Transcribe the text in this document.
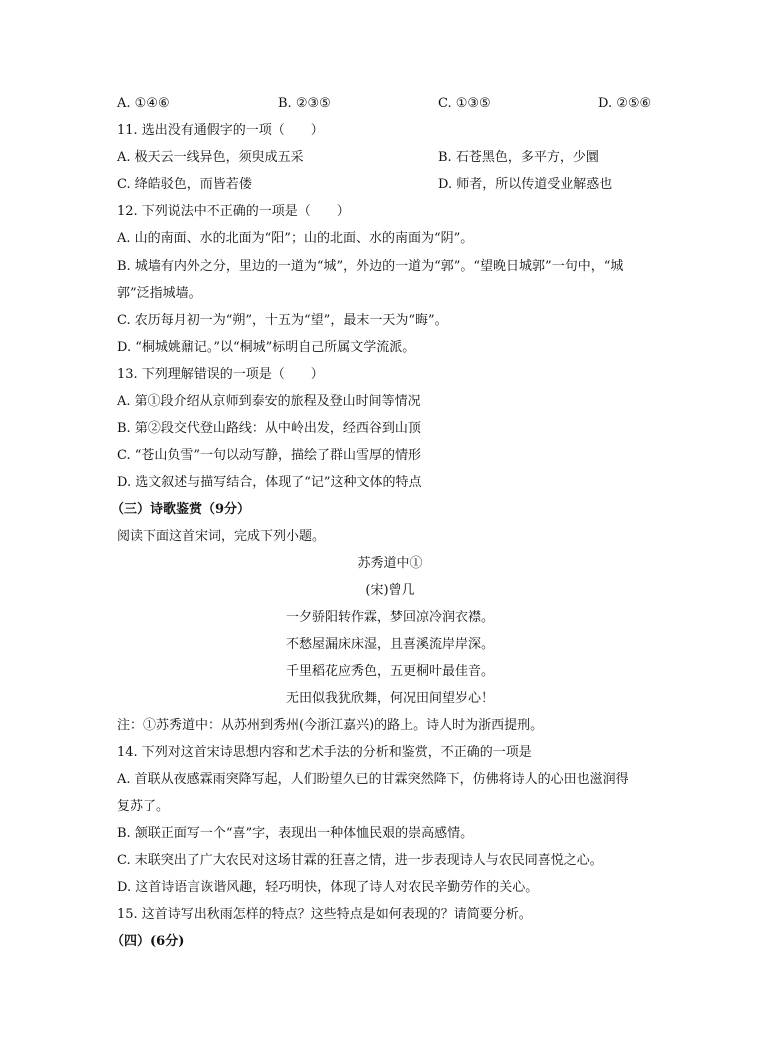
A. ①④⑥	B. ②③⑤	C. ①③⑤	D. ②⑤⑥
11. 选出没有通假字的一项（　　）
A. 极天云一线异色，须臾成五采	B. 石苍黑色，多平方，少圜
C. 绛皓驳色，而皆若偻	D. 师者，所以传道受业解惑也
12. 下列说法中不正确的一项是（　　）
A. 山的南面、水的北面为“阳”；山的北面、水的南面为“阴”。
B. 城墙有内外之分，里边的一道为“城”，外边的一道为“郭”。“望晚日城郭”一句中，“城
郭”泛指城墙。
C. 农历每月初一为“朔”，十五为“望”，最末一天为“晦”。
D. “桐城姚鼐记。”以“桐城”标明自己所属文学流派。
13. 下列理解错误的一项是（　　）
A. 第①段介绍从京师到泰安的旅程及登山时间等情况
B. 第②段交代登山路线：从中岭出发，经西谷到山顶
C. “苍山负雪”一句以动写静，描绘了群山雪厚的情形
D. 选文叙述与描写结合，体现了“记”这种文体的特点
（三）诗歌鉴赏（9分）
阅读下面这首宋词，完成下列小题。
苏秀道中①
(宋)曾几
一夕骄阳转作霖，梦回凉冷润衣襟。
不愁屋漏床床湿，且喜溪流岸岸深。
千里稻花应秀色，五更桐叶最佳音。
无田似我犹欣舞，何况田间望岁心！
注：①苏秀道中：从苏州到秀州(今浙江嘉兴)的路上。诗人时为浙西提刑。
14. 下列对这首宋诗思想内容和艺术手法的分析和鉴赏，不正确的一项是
A. 首联从夜感霖雨突降写起，人们盼望久已的甘霖突然降下，仿佛将诗人的心田也滋润得
复苏了。
B. 颔联正面写一个“喜”字，表现出一种体恤民艰的崇高感情。
C. 末联突出了广大农民对这场甘霖的狂喜之情，进一步表现诗人与农民同喜悦之心。
D. 这首诗语言诙谐风趣，轻巧明快，体现了诗人对农民辛勤劳作的关心。
15. 这首诗写出秋雨怎样的特点？这些特点是如何表现的？请简要分析。
（四）(6分)
